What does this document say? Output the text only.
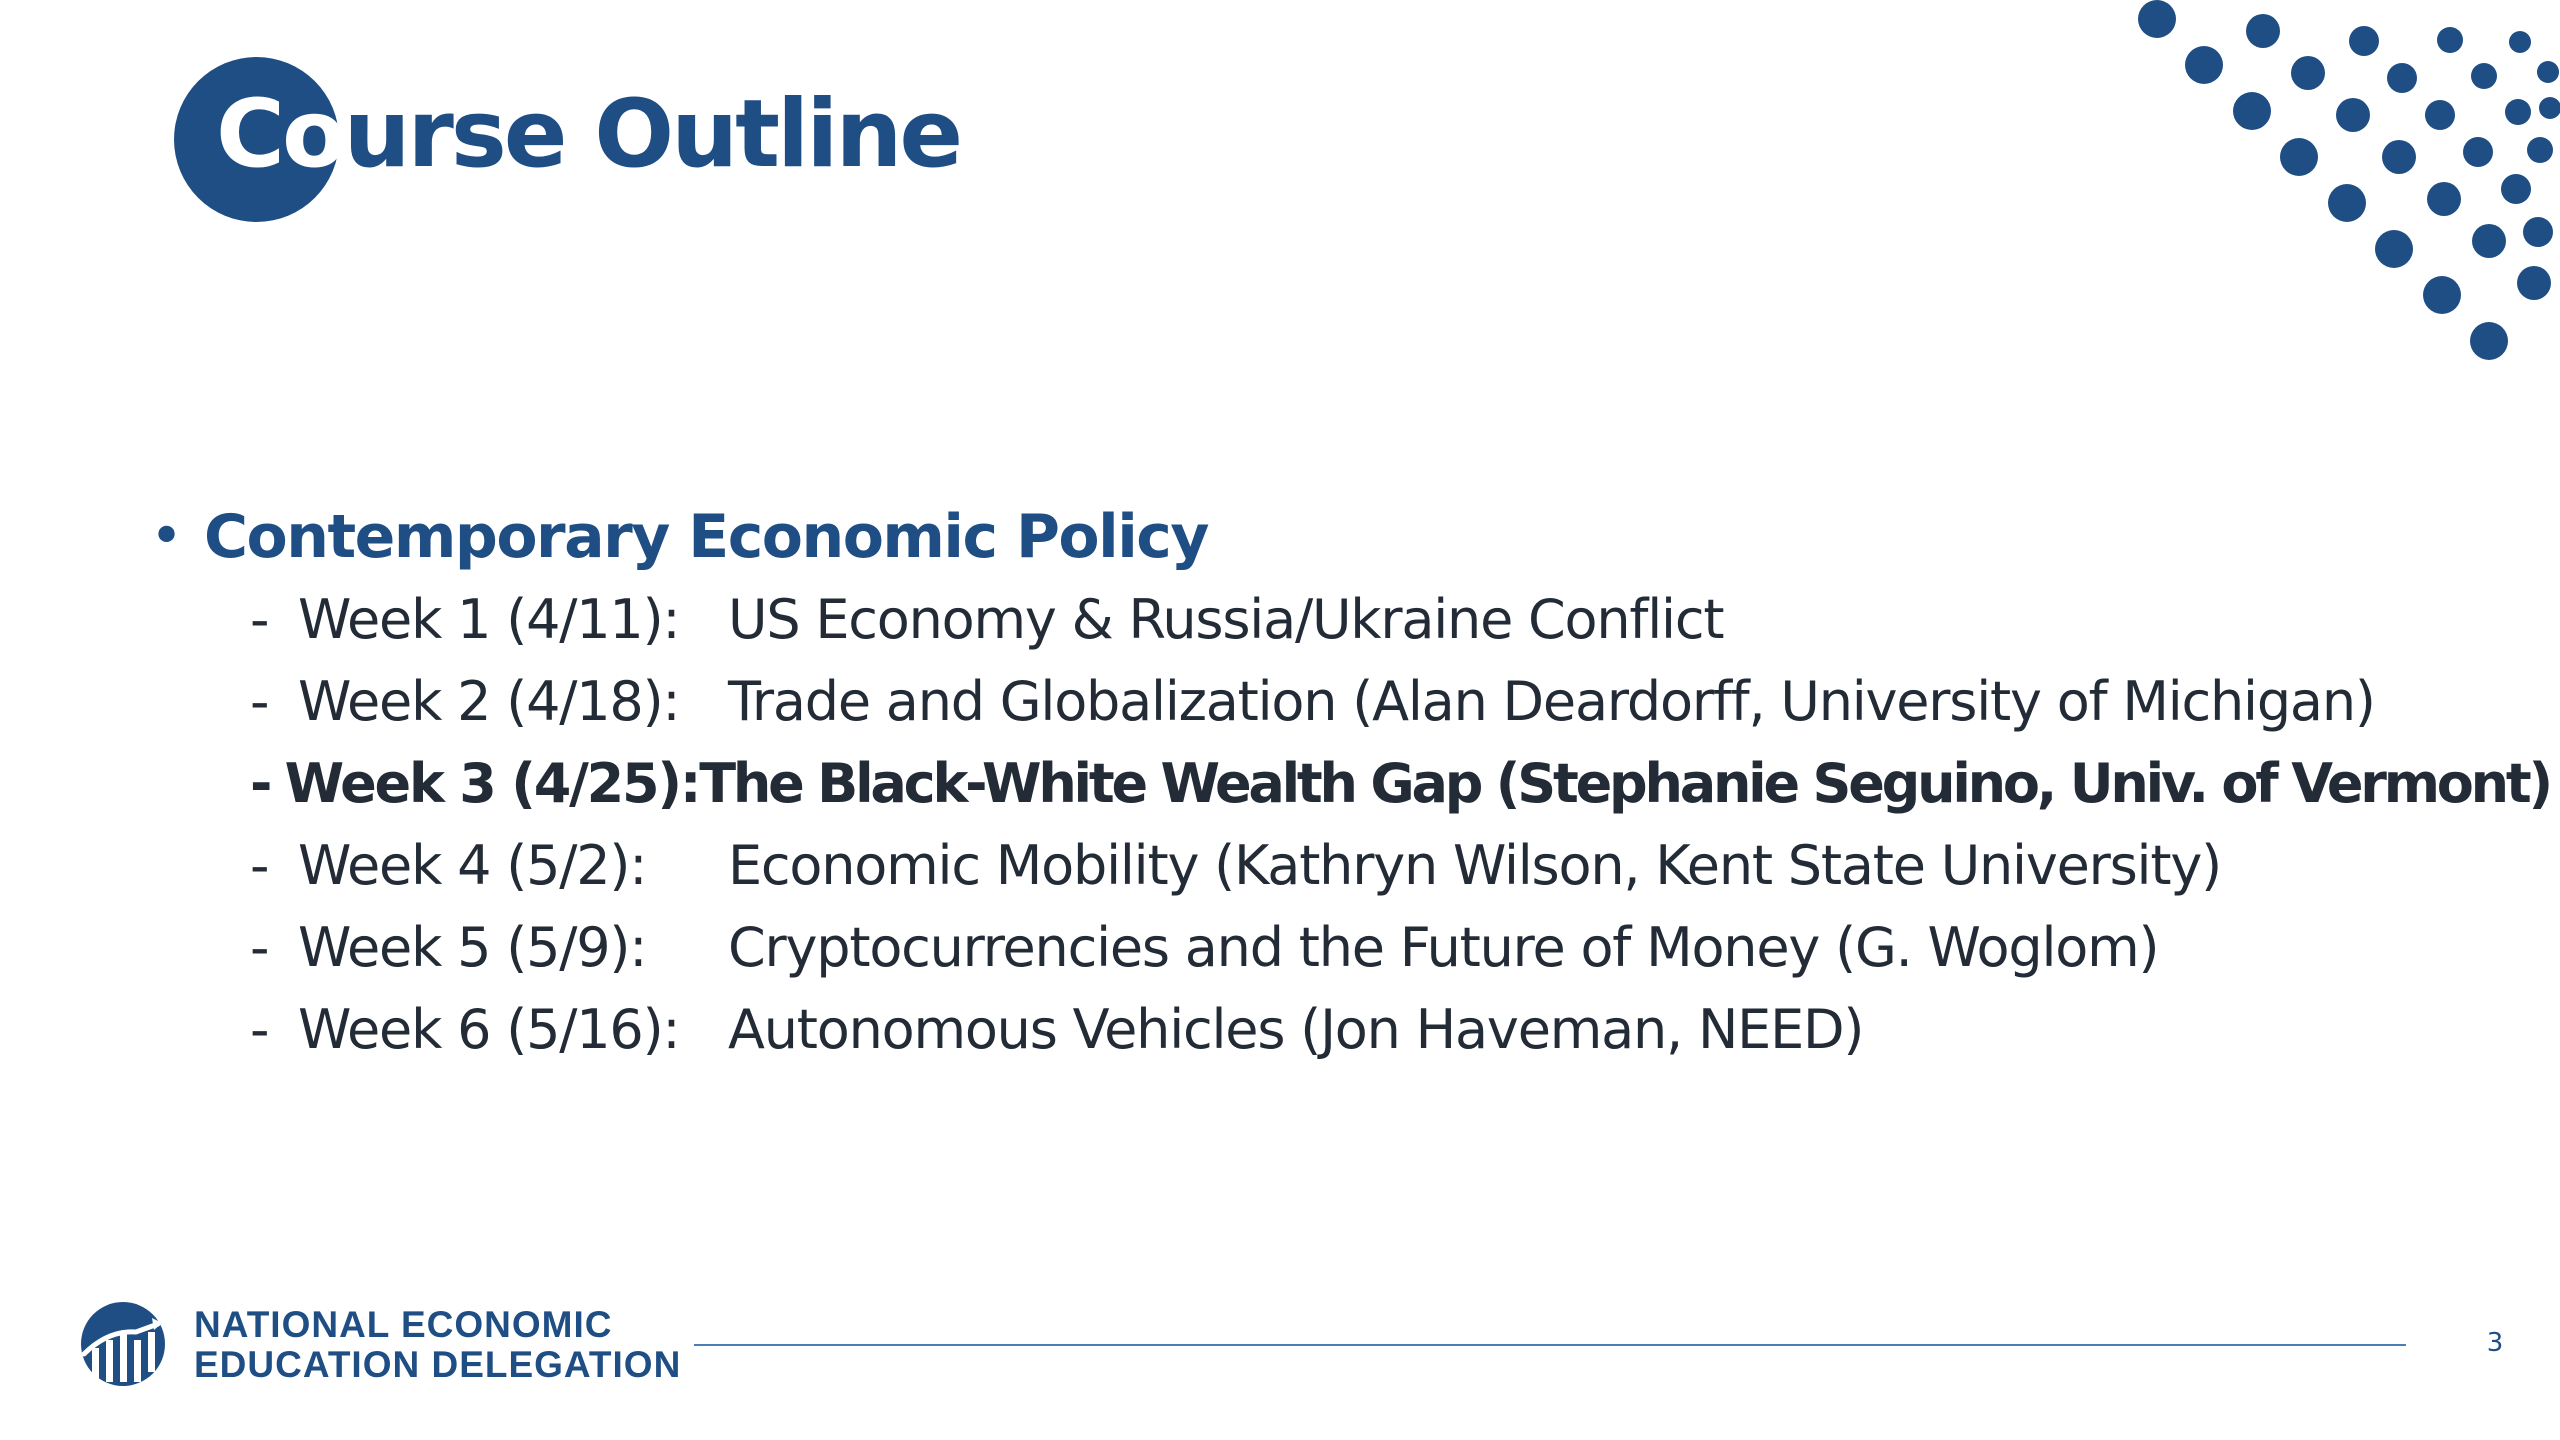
Course Outline
• Contemporary Economic Policy
- Week 1 (4/11): US Economy & Russia/Ukraine Conflict
- Week 2 (4/18): Trade and Globalization (Alan Deardorff, University of Michigan)
- Week 3 (4/25): The Black-White Wealth Gap (Stephanie Seguino, Univ. of Vermont)
- Week 4 (5/2):	Economic Mobility (Kathryn Wilson, Kent State University)
- Week 5 (5/9):	Cryptocurrencies and the Future of Money (G. Woglom)
- Week 6 (5/16): Autonomous Vehicles (Jon Haveman, NEED)
NATIONAL ECONOMIC
EDUCATION DELEGATION
3
